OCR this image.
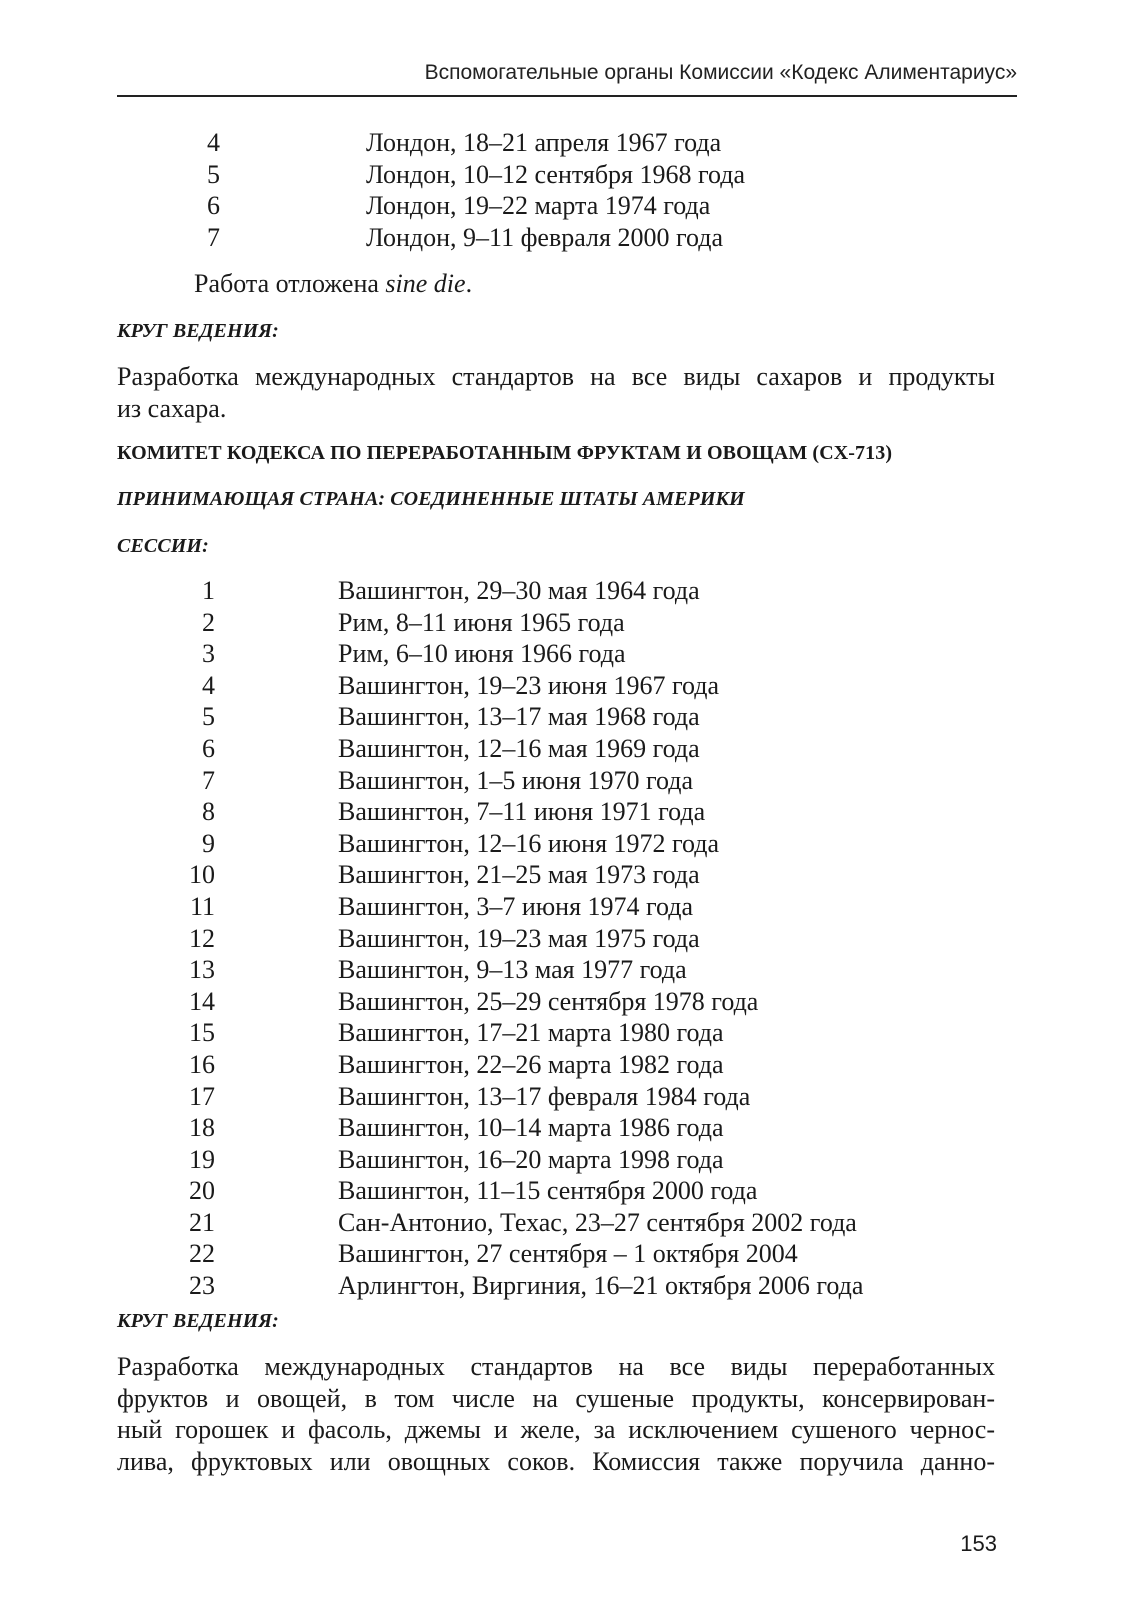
Вспомогательные органы Комиссии «Кодекс Алиментариус»
4	Лондон, 18–21 апреля 1967 года
5	Лондон, 10–12 сентября 1968 года
6	Лондон, 19–22 марта 1974 года
7	Лондон, 9–11 февраля 2000 года
Работа отложена sine die.
КРУГ ВЕДЕНИЯ:

Разработка международных стандартов на все виды сахаров и продукты
из сахара.

КОМИТЕТ КОДЕКСА ПО ПЕРЕРАБОТАННЫМ ФРУКТАМ И ОВОЩАМ (CX-713)
ПРИНИМАЮЩАЯ СТРАНА: СОЕДИНЕННЫЕ ШТАТЫ АМЕРИКИ
СЕССИИ:
1	Вашингтон, 29–30 мая 1964 года
2	Рим, 8–11 июня 1965 года
3	Рим, 6–10 июня 1966 года
4	Вашингтон, 19–23 июня 1967 года
5	Вашингтон, 13–17 мая 1968 года
6	Вашингтон, 12–16 мая 1969 года
7	Вашингтон, 1–5 июня 1970 года
8	Вашингтон, 7–11 июня 1971 года
9	Вашингтон, 12–16 июня 1972 года
10	Вашингтон, 21–25 мая 1973 года
11	Вашингтон, 3–7 июня 1974 года
12	Вашингтон, 19–23 мая 1975 года
13	Вашингтон, 9–13 мая 1977 года
14	Вашингтон, 25–29 сентября 1978 года
15	Вашингтон, 17–21 марта 1980 года
16	Вашингтон, 22–26 марта 1982 года
17	Вашингтон, 13–17 февраля 1984 года
18	Вашингтон, 10–14 марта 1986 года
19	Вашингтон, 16–20 марта 1998 года
20	Вашингтон, 11–15 сентября 2000 года
21	Сан-Антонио, Техас, 23–27 сентября 2002 года
22	Вашингтон, 27 сентября – 1 октября 2004
23	Арлингтон, Виргиния, 16–21 октября 2006 года
КРУГ ВЕДЕНИЯ:

Разработка международных стандартов на все виды переработанных
фруктов и овощей, в том числе на сушеные продукты, консервирован-
ный горошек и фасоль, джемы и желе, за исключением сушеного чернос-
лива, фруктовых или овощных соков. Комиссия также поручила данно-

153
